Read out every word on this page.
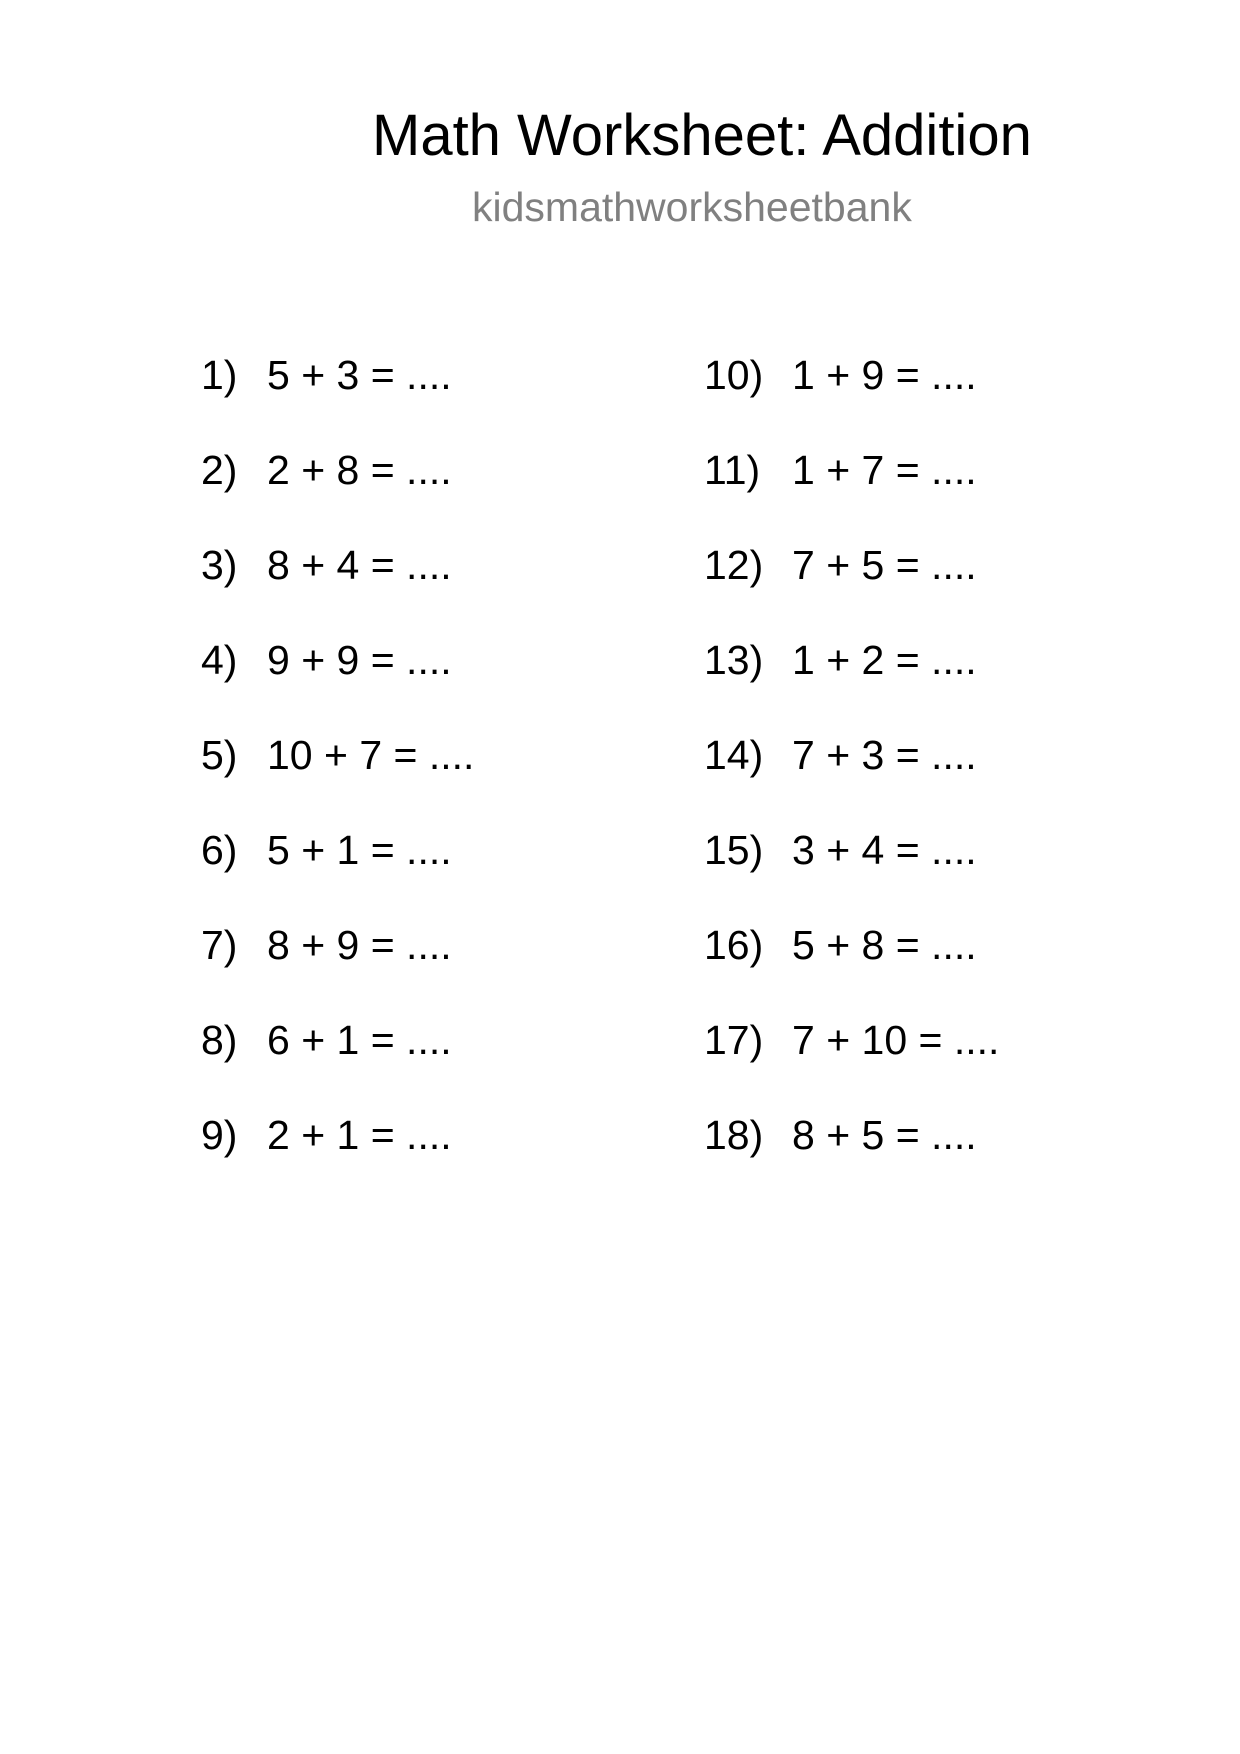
Math Worksheet: Addition
kidsmathworksheetbank
1) 5 + 3 = ....
2) 2 + 8 = ....
3) 8 + 4 = ....
4) 9 + 9 = ....
5) 10 + 7 = ....
6) 5 + 1 = ....
7) 8 + 9 = ....
8) 6 + 1 = ....
9) 2 + 1 = ....
10) 1 + 9 = ....
11) 1 + 7 = ....
12) 7 + 5 = ....
13) 1 + 2 = ....
14) 7 + 3 = ....
15) 3 + 4 = ....
16) 5 + 8 = ....
17) 7 + 10 = ....
18) 8 + 5 = ....
